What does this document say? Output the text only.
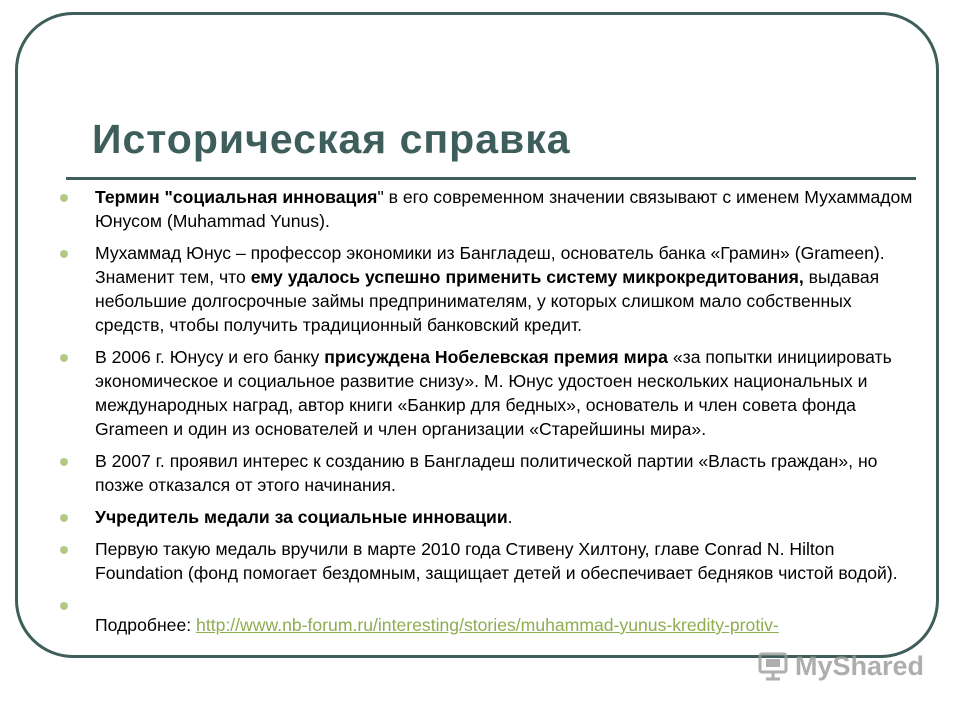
Историческая справка
Термин "социальная инновация" в его современном значении связывают с именем Мухаммадом Юнусом (Muhammad Yunus).
Мухаммад Юнус – профессор экономики из Бангладеш, основатель банка «Грамин» (Grameen). Знаменит тем, что ему удалось успешно применить систему микрокредитования, выдавая небольшие долгосрочные займы предпринимателям, у которых слишком мало собственных средств, чтобы получить традиционный банковский кредит.
В 2006 г. Юнусу и его банку присуждена Нобелевская премия мира «за попытки инициировать экономическое и социальное развитие снизу». М. Юнус удостоен нескольких национальных и международных наград, автор книги «Банкир для бедных», основатель и член совета фонда Grameen и один из основателей и член организации «Старейшины мира».
В 2007 г. проявил интерес к созданию в Бангладеш политической партии «Власть граждан», но позже отказался от этого начинания.
Учредитель медали за социальные инновации.
Первую такую медаль вручили в марте 2010 года Стивену Хилтону, главе Conrad N. Hilton Foundation (фонд помогает бездомным, защищает детей и обеспечивает бедняков чистой водой).
Подробнее: http://www.nb-forum.ru/interesting/stories/muhammad-yunus-kredity-protiv-
MyShared
